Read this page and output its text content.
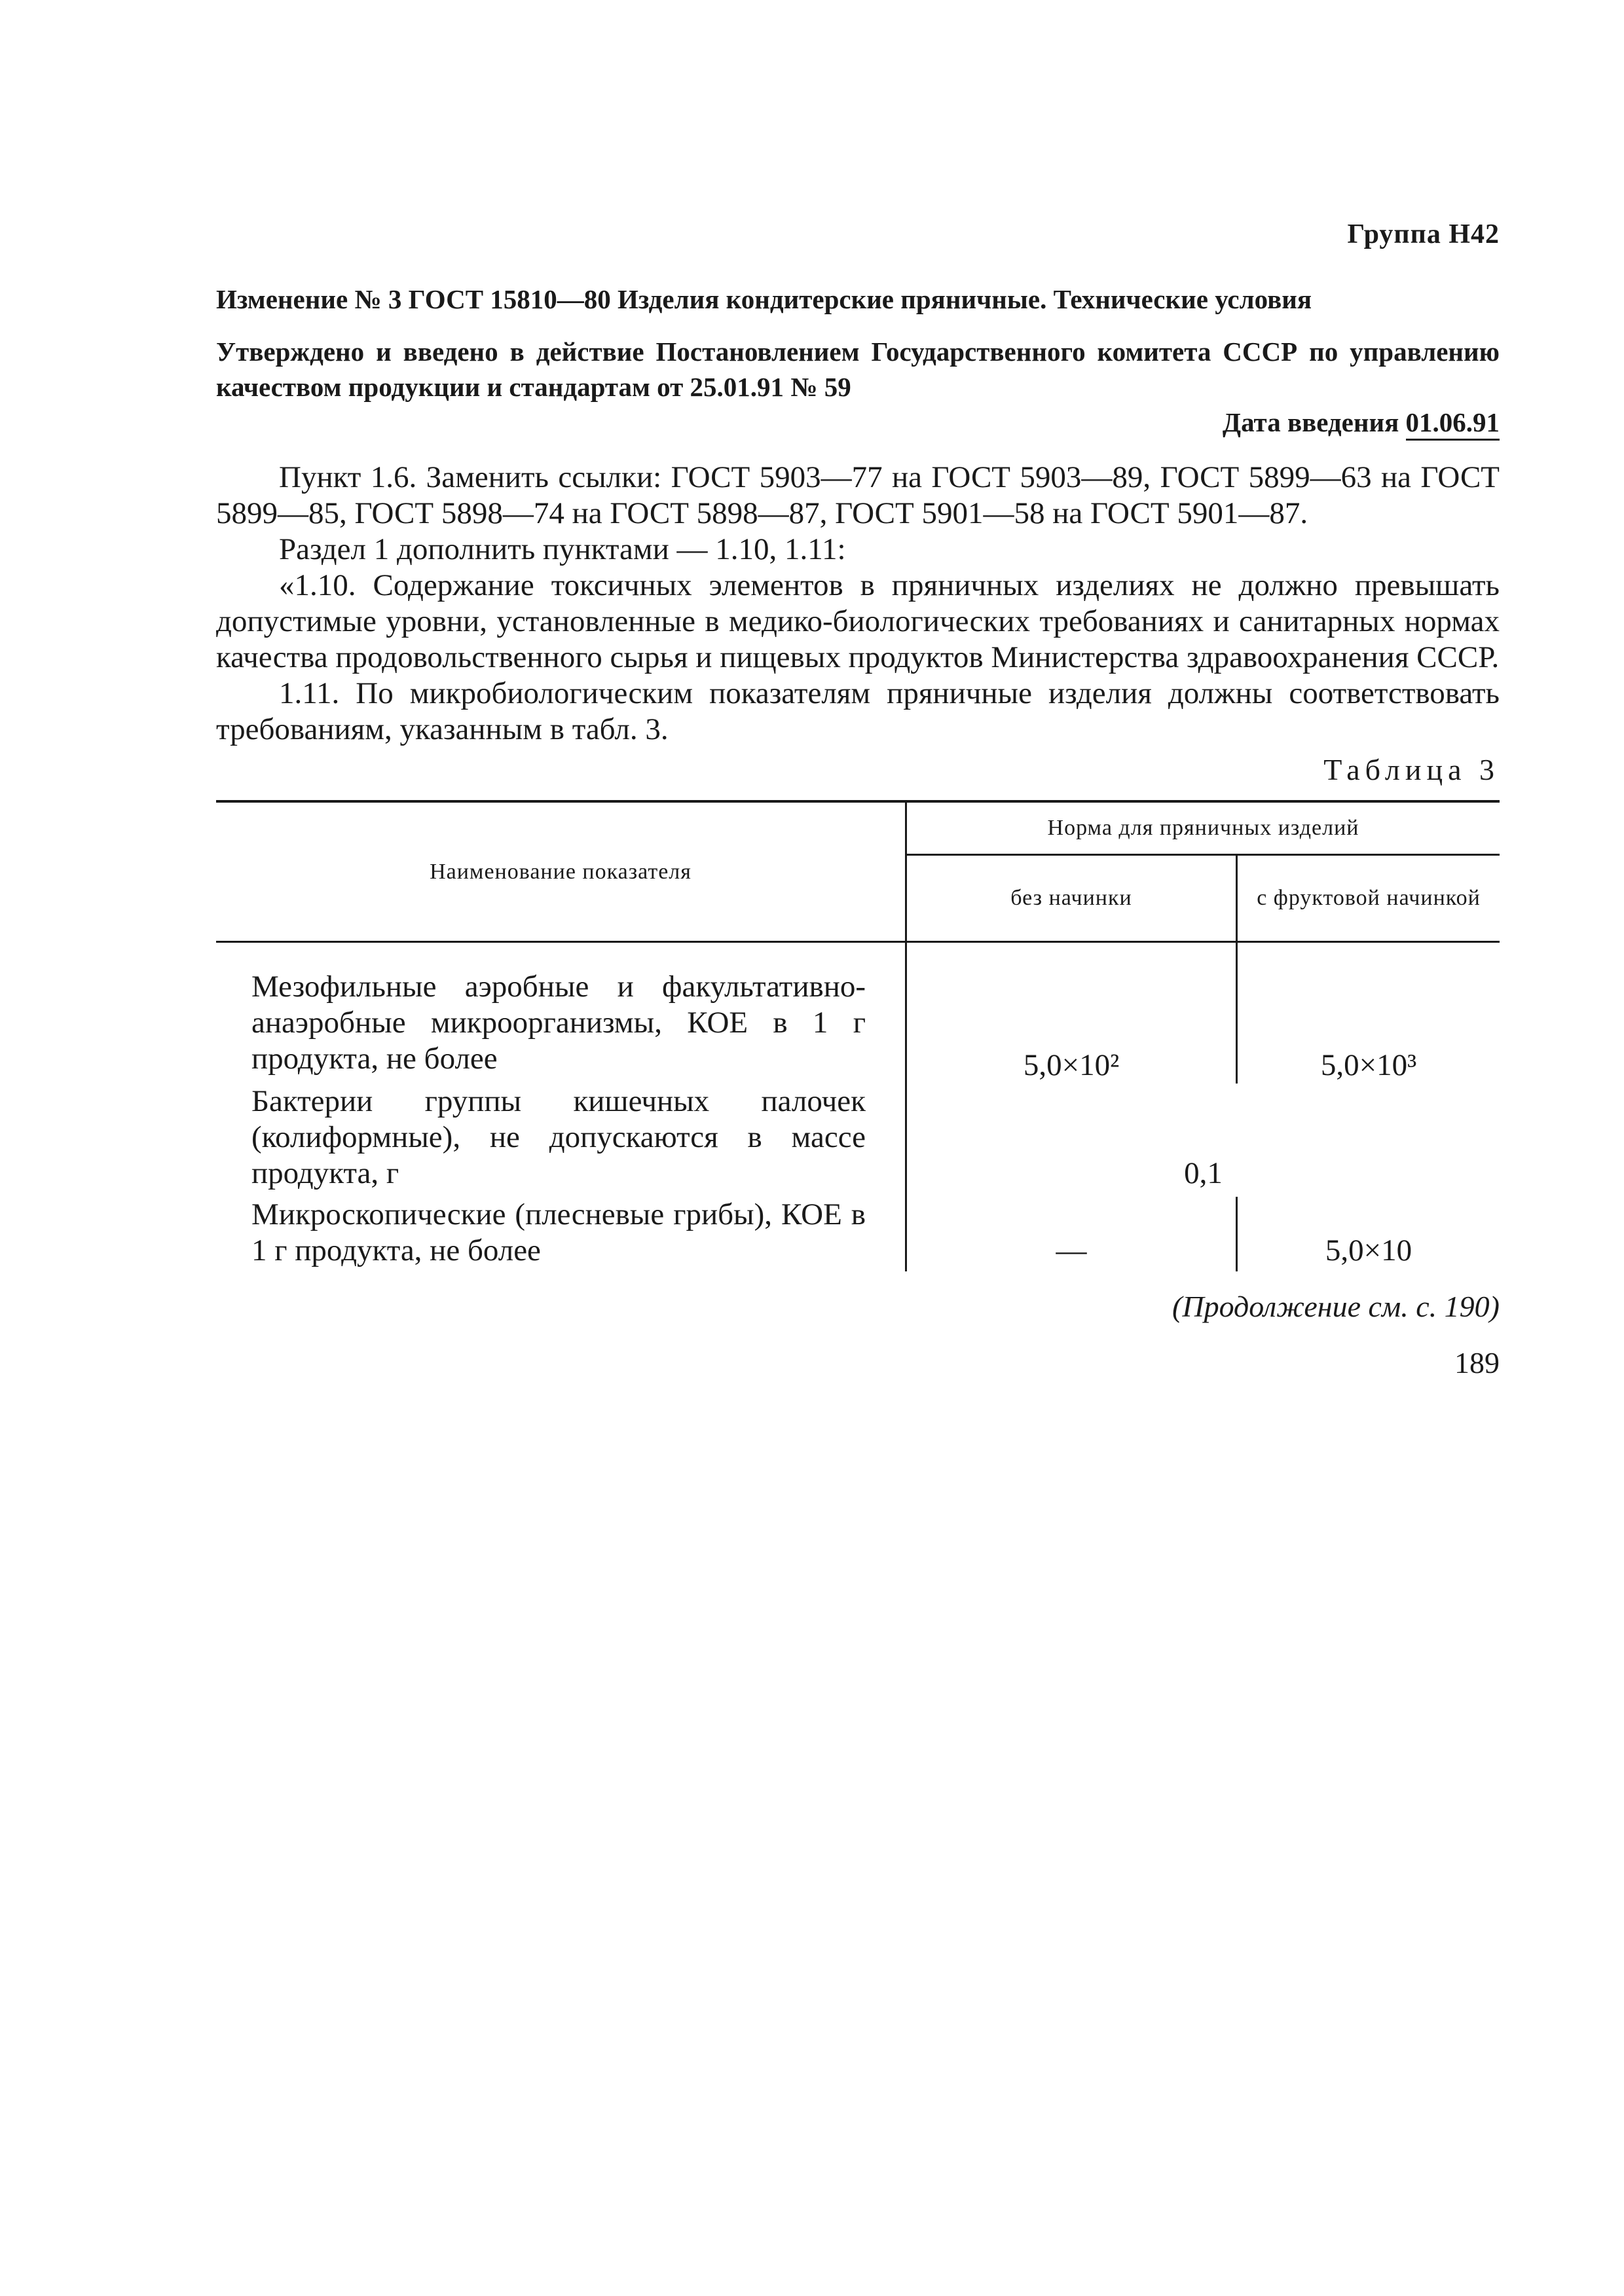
Группа Н42
Изменение № 3 ГОСТ 15810—80 Изделия кондитерские пряничные. Технические условия
Утверждено и введено в действие Постановлением Государственного комитета СССР по управлению качеством продукции и стандартам от 25.01.91 № 59
Дата введения 01.06.91

Пункт 1.6. Заменить ссылки: ГОСТ 5903—77 на ГОСТ 5903—89, ГОСТ 5899—63 на ГОСТ 5899—85, ГОСТ 5898—74 на ГОСТ 5898—87, ГОСТ 5901—58 на ГОСТ 5901—87.

Раздел 1 дополнить пунктами — 1.10, 1.11:

«1.10. Содержание токсичных элементов в пряничных изделиях не должно превышать допустимые уровни, установленные в медико-биологических требованиях и санитарных нормах качества продовольственного сырья и пищевых продуктов Министерства здравоохранения СССР.

1.11. По микробиологическим показателям пряничные изделия должны соответствовать требованиям, указанным в табл. 3.

Таблица 3
Наименование показателя	Норма для пряничных изделий	
	без начинки	с фруктовой начинкой
Мезофильные аэробные и факультативно-анаэробные микроорганизмы, КОЕ в 1 г продукта, не более	5,0×10²	5,0×10³

Бактерии группы кишечных палочек (колиформные), не допускаются в массе продукта, г	0,1	

Микроскопические (плесневые грибы), КОЕ в 1 г продукта, не более	—	5,0×10
(Продолжение см. с. 190)
189
